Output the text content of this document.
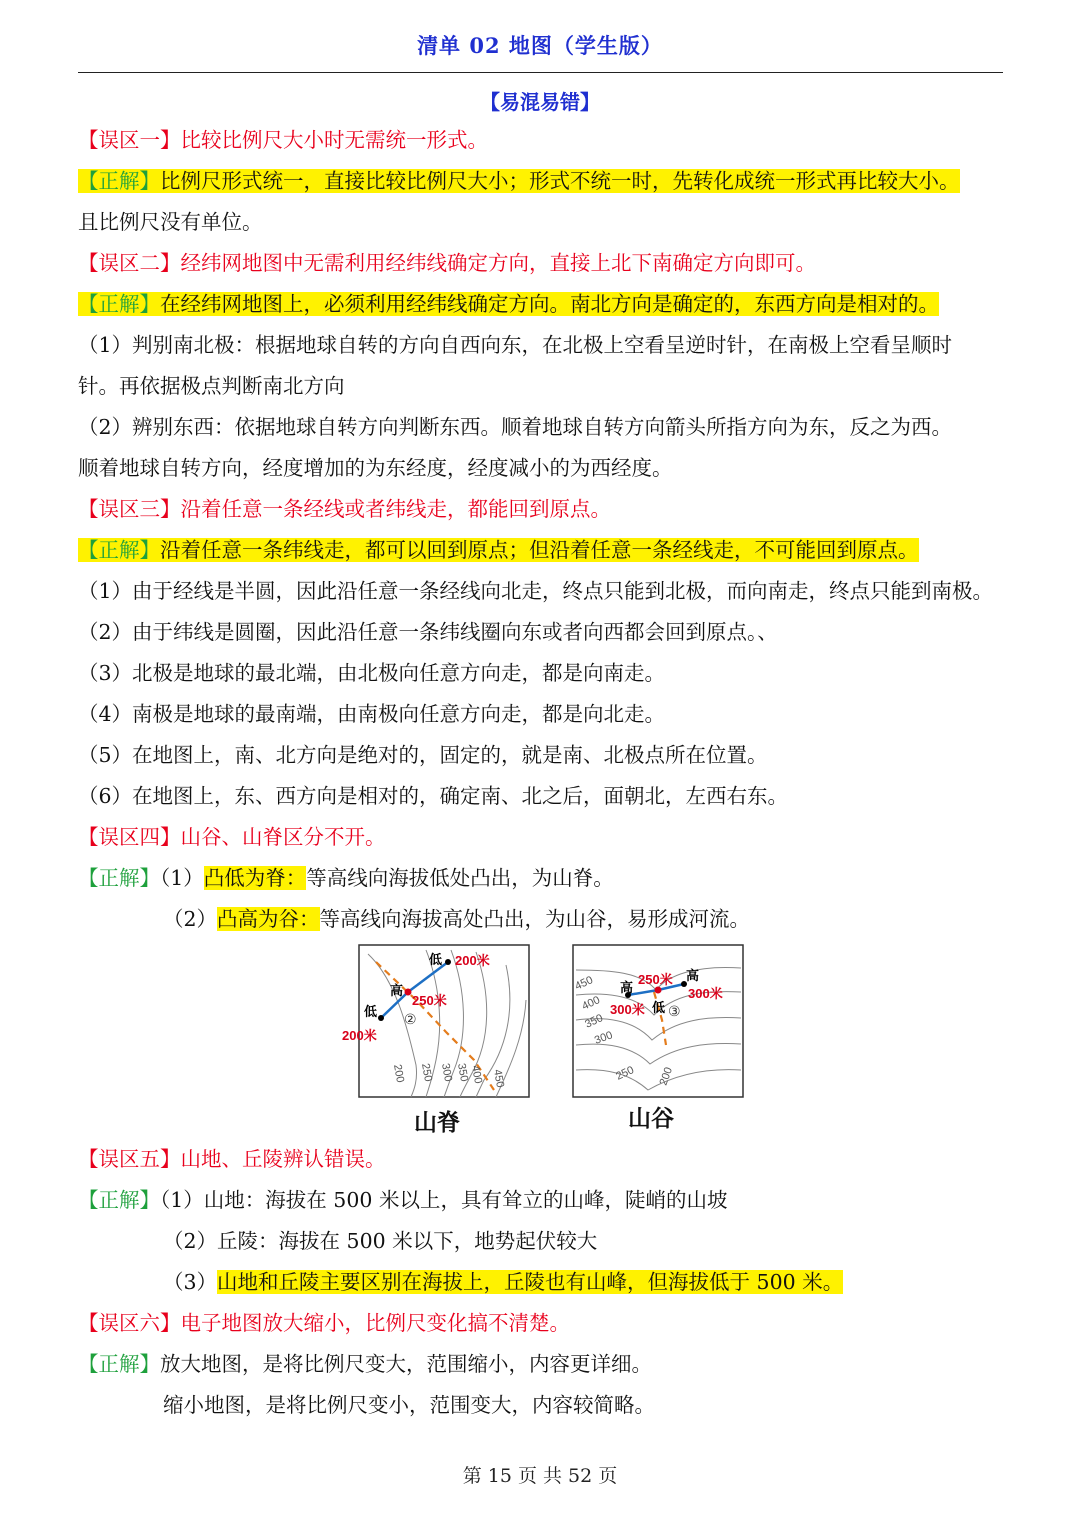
清单 02 地图（学生版）
【易混易错】
【误区一】比较比例尺大小时无需统一形式。
【正解】比例尺形式统一，直接比较比例尺大小；形式不统一时，先转化成统一形式再比较大小。
且比例尺没有单位。
【误区二】经纬网地图中无需利用经纬线确定方向，直接上北下南确定方向即可。
【正解】在经纬网地图上，必须利用经纬线确定方向。南北方向是确定的，东西方向是相对的。
（1）判别南北极：根据地球自转的方向自西向东，在北极上空看呈逆时针，在南极上空看呈顺时
针。再依据极点判断南北方向
（2）辨别东西：依据地球自转方向判断东西。顺着地球自转方向箭头所指方向为东，反之为西。
顺着地球自转方向，经度增加的为东经度，经度减小的为西经度。
【误区三】沿着任意一条经线或者纬线走，都能回到原点。
【正解】沿着任意一条纬线走，都可以回到原点；但沿着任意一条经线走，不可能回到原点。
（1）由于经线是半圆，因此沿任意一条经线向北走，终点只能到北极，而向南走，终点只能到南极。
（2）由于纬线是圆圈，因此沿任意一条纬线圈向东或者向西都会回到原点。、
（3）北极是地球的最北端，由北极向任意方向走，都是向南走。
（4）南极是地球的最南端，由南极向任意方向走，都是向北走。
（5）在地图上，南、北方向是绝对的，固定的，就是南、北极点所在位置。
（6）在地图上，东、西方向是相对的，确定南、北之后，面朝北，左西右东。
【误区四】山谷、山脊区分不开。
【正解】（1）凸低为脊：等高线向海拔低处凸出，为山脊。
（2）凸高为谷：等高线向海拔高处凸出，为山谷，易形成河流。
低 200米
高
250米
低 ②
200米
200 250 300 350
400 450
山脊
450
400
350
300
250 200
高
250米 高
300米
300米 低 ③
山谷
【误区五】山地、丘陵辨认错误。
【正解】（1）山地：海拔在 500 米以上，具有耸立的山峰，陡峭的山坡
（2）丘陵：海拔在 500 米以下，地势起伏较大
（3）山地和丘陵主要区别在海拔上，丘陵也有山峰，但海拔低于 500 米。
【误区六】电子地图放大缩小，比例尺变化搞不清楚。
【正解】放大地图，是将比例尺变大，范围缩小，内容更详细。
缩小地图，是将比例尺变小，范围变大，内容较简略。
第 15 页 共 52 页
